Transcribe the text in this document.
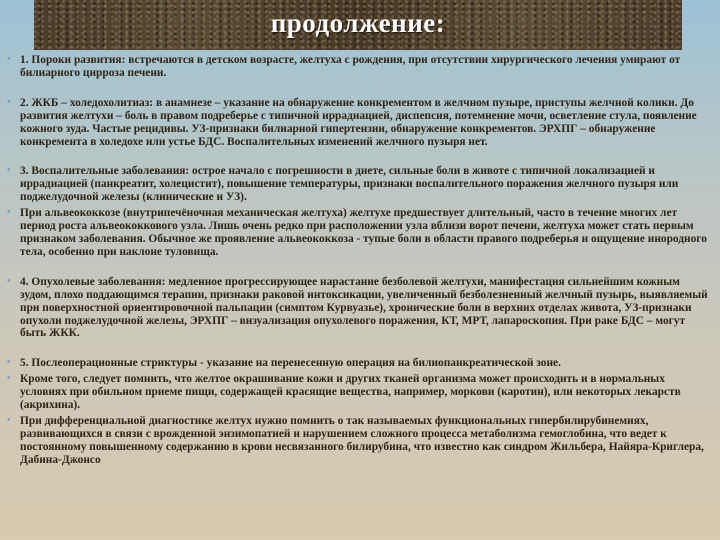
продолжение:
• 1. Пороки развития: встречаются в детском возрасте, желтуха с рождения, при отсутствии хирургического лечения умирают от билиарного цирроза печени.
• 2. ЖКБ – холедохолитиаз: в анамнезе – указание на обнаружение конкрементом в желчном пузыре, приступы желчной колики. До развития желтухи – боль в правом подреберье с типичной иррадиацией, диспепсия, потемнение мочи, осветление стула, появление кожного зуда. Частые рецидивы. УЗ-признаки билиарной гипертензии, обнаружение конкрементов. ЭРХПГ – обнаружение конкремента в холедохе или устье БДС. Воспалительных изменений желчного пузыря нет.
• 3. Воспалительные заболевания: острое начало с погрешности в диете, сильные боли в животе с типичной локализацией и иррадиацией (панкреатит, холецистит), повышение температуры, признаки воспалительного поражения желчного пузыря или поджелудочной железы (клинические и УЗ).
• При альвеококкозе (внутрипечёночная механическая желтуха) желтухе предшествует длительный, часто в течение многих лет период роста альвеококкового узла. Лишь очень редко при расположении узла вблизи ворот печени, желтуха может стать первым признаком заболевания. Обычное же проявление альвеококкоза - тупые боли в области правого подреберья и ощущение инородного тела, особенно при наклоне туловища.
• 4. Опухолевые заболевания: медленное прогрессирующее нарастание безболевой желтухи, манифестация сильнейшим кожным зудом, плохо поддающимся терапии, признаки раковой интоксикации, увеличенный безболезненный желчный пузырь, выявляемый при поверхностной ориентировочной пальпации (симптом Курвуазье), хронические боли в верхних отделах живота, УЗ-признаки опухоли поджелудочной железы, ЭРХПГ – визуализация опухолевого поражения, КТ, МРТ, лапароскопия. При раке БДС – могут быть ЖКК.
• 5. Послеоперационные стриктуры - указание на перенесенную операция на билиопанкреатической зоне.
• Кроме того, следует помнить, что желтое окрашивание кожи и других тканей организма может происходить и в нормальных условиях при обильном приеме пищи, содержащей красящие вещества, например, моркови (каротин), или некоторых лекарств (акрихина).
• При дифференциальной диагностике желтух нужно помнить о так называемых функциональных гипербилирубинемиях, развивающихся в связи с врожденной энзимопатией и нарушением сложного процесса метаболизма гемоглобина, что ведет к постоянному повышенному содержанию в крови несвязанного билирубина, что известно как синдром Жильбера, Найяра-Криглера, Дабина-Джонсо
